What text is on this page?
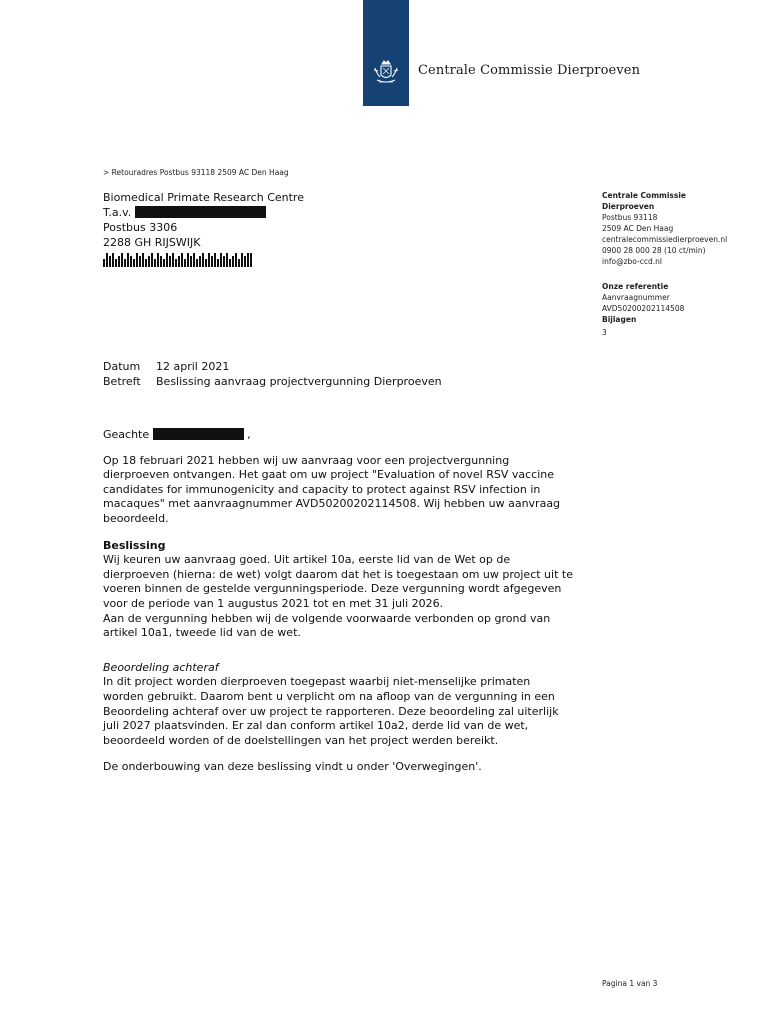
Centrale Commissie Dierproeven
> Retouradres Postbus 93118 2509 AC Den Haag
Biomedical Primate Research Centre
T.a.v.
Postbus 3306
2288 GH RIJSWIJK
Centrale Commissie
Dierproeven
Postbus 93118
2509 AC Den Haag
centralecommissiedierproeven.nl
0900 28 000 28 (10 ct/min)
info@zbo-ccd.nl
Onze referentie
Aanvraagnummer
AVD50200202114508
Bijlagen
3
Datum	12 april 2021
Betreft	Beslissing aanvraag projectvergunning Dierproeven

Geachte	,

Op 18 februari 2021 hebben wij uw aanvraag voor een projectvergunning dierproeven ontvangen. Het gaat om uw project "Evaluation of novel RSV vaccine candidates for immunogenicity and capacity to protect against RSV infection in macaques" met aanvraagnummer AVD50200202114508. Wij hebben uw aanvraag beoordeeld.

Beslissing

Wij keuren uw aanvraag goed. Uit artikel 10a, eerste lid van de Wet op de dierproeven (hierna: de wet) volgt daarom dat het is toegestaan om uw project uit te voeren binnen de gestelde vergunningsperiode. Deze vergunning wordt afgegeven voor de periode van 1 augustus 2021 tot en met 31 juli 2026.

Aan de vergunning hebben wij de volgende voorwaarde verbonden op grond van artikel 10a1, tweede lid van de wet.

Beoordeling achteraf

In dit project worden dierproeven toegepast waarbij niet-menselijke primaten worden gebruikt. Daarom bent u verplicht om na afloop van de vergunning in een Beoordeling achteraf over uw project te rapporteren. Deze beoordeling zal uiterlijk juli 2027 plaatsvinden. Er zal dan conform artikel 10a2, derde lid van de wet, beoordeeld worden of de doelstellingen van het project werden bereikt.

De onderbouwing van deze beslissing vindt u onder 'Overwegingen'.

Pagina 1 van 3
